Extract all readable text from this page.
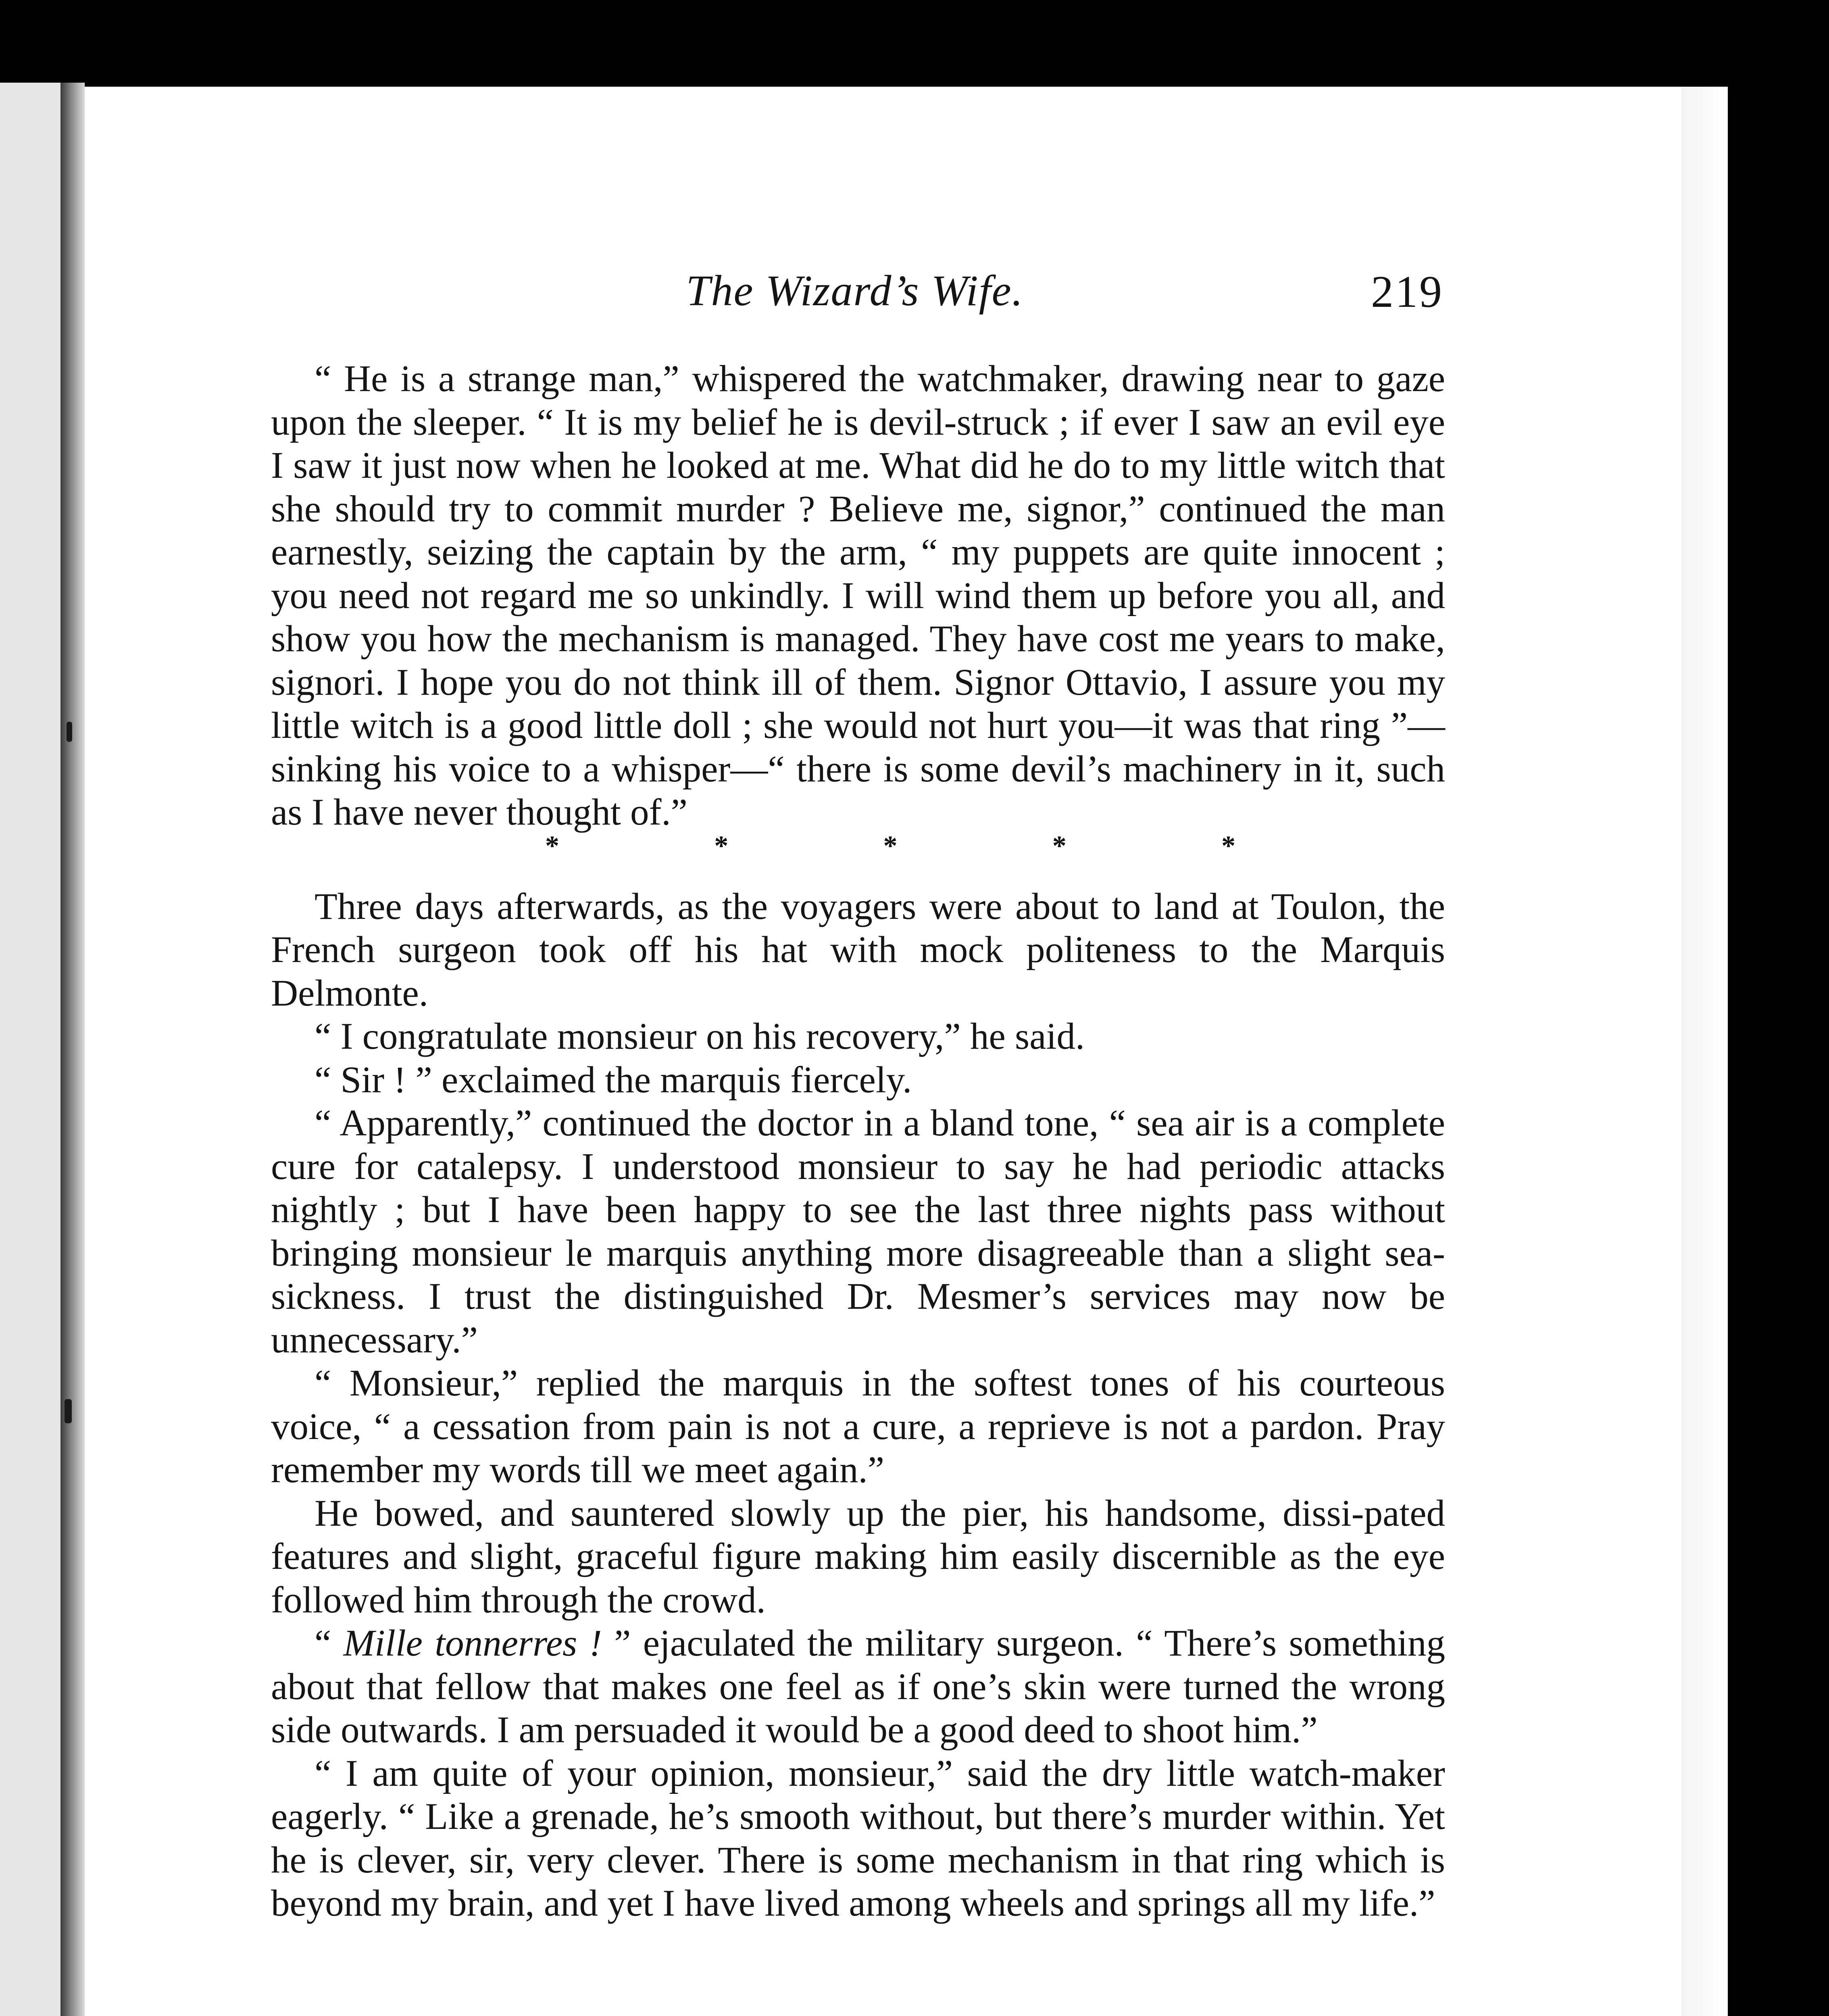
The Wizard’s Wife.	219

“ He is a strange man,” whispered the watchmaker, drawing near to gaze upon the sleeper. “ It is my belief he is devil-struck ; if ever I saw an evil eye I saw it just now when he looked at me. What did he do to my little witch that she should try to commit murder ? Believe me, signor,” continued the man earnestly, seizing the captain by the arm, “ my puppets are quite innocent ; you need not regard me so unkindly. I will wind them up before you all, and show you how the mechanism is managed. They have cost me years to make, signori. I hope you do not think ill of them. Signor Ottavio, I assure you my little witch is a good little doll ; she would not hurt you—it was that ring ”—sinking his voice to a whisper—“ there is some devil’s machinery in it, such as I have never thought of.”

*	*	*	*	*

Three days afterwards, as the voyagers were about to land at Toulon, the French surgeon took off his hat with mock politeness to the Marquis Delmonte.

“ I congratulate monsieur on his recovery,” he said.

“ Sir ! ” exclaimed the marquis fiercely.

“ Apparently,” continued the doctor in a bland tone, “ sea air is a complete cure for catalepsy. I understood monsieur to say he had periodic attacks nightly ; but I have been happy to see the last three nights pass without bringing monsieur le marquis anything more disagreeable than a slight sea-sickness. I trust the distinguished Dr. Mesmer’s services may now be unnecessary.”

“ Monsieur,” replied the marquis in the softest tones of his courteous voice, “ a cessation from pain is not a cure, a reprieve is not a pardon. Pray remember my words till we meet again.”

He bowed, and sauntered slowly up the pier, his handsome, dissi-pated features and slight, graceful figure making him easily discernible as the eye followed him through the crowd.

“ Mille tonnerres ! ” ejaculated the military surgeon. “ There’s something about that fellow that makes one feel as if one’s skin were turned the wrong side outwards. I am persuaded it would be a good deed to shoot him.”

“ I am quite of your opinion, monsieur,” said the dry little watch-maker eagerly. “ Like a grenade, he’s smooth without, but there’s murder within. Yet he is clever, sir, very clever. There is some mechanism in that ring which is beyond my brain, and yet I have lived among wheels and springs all my life.”
